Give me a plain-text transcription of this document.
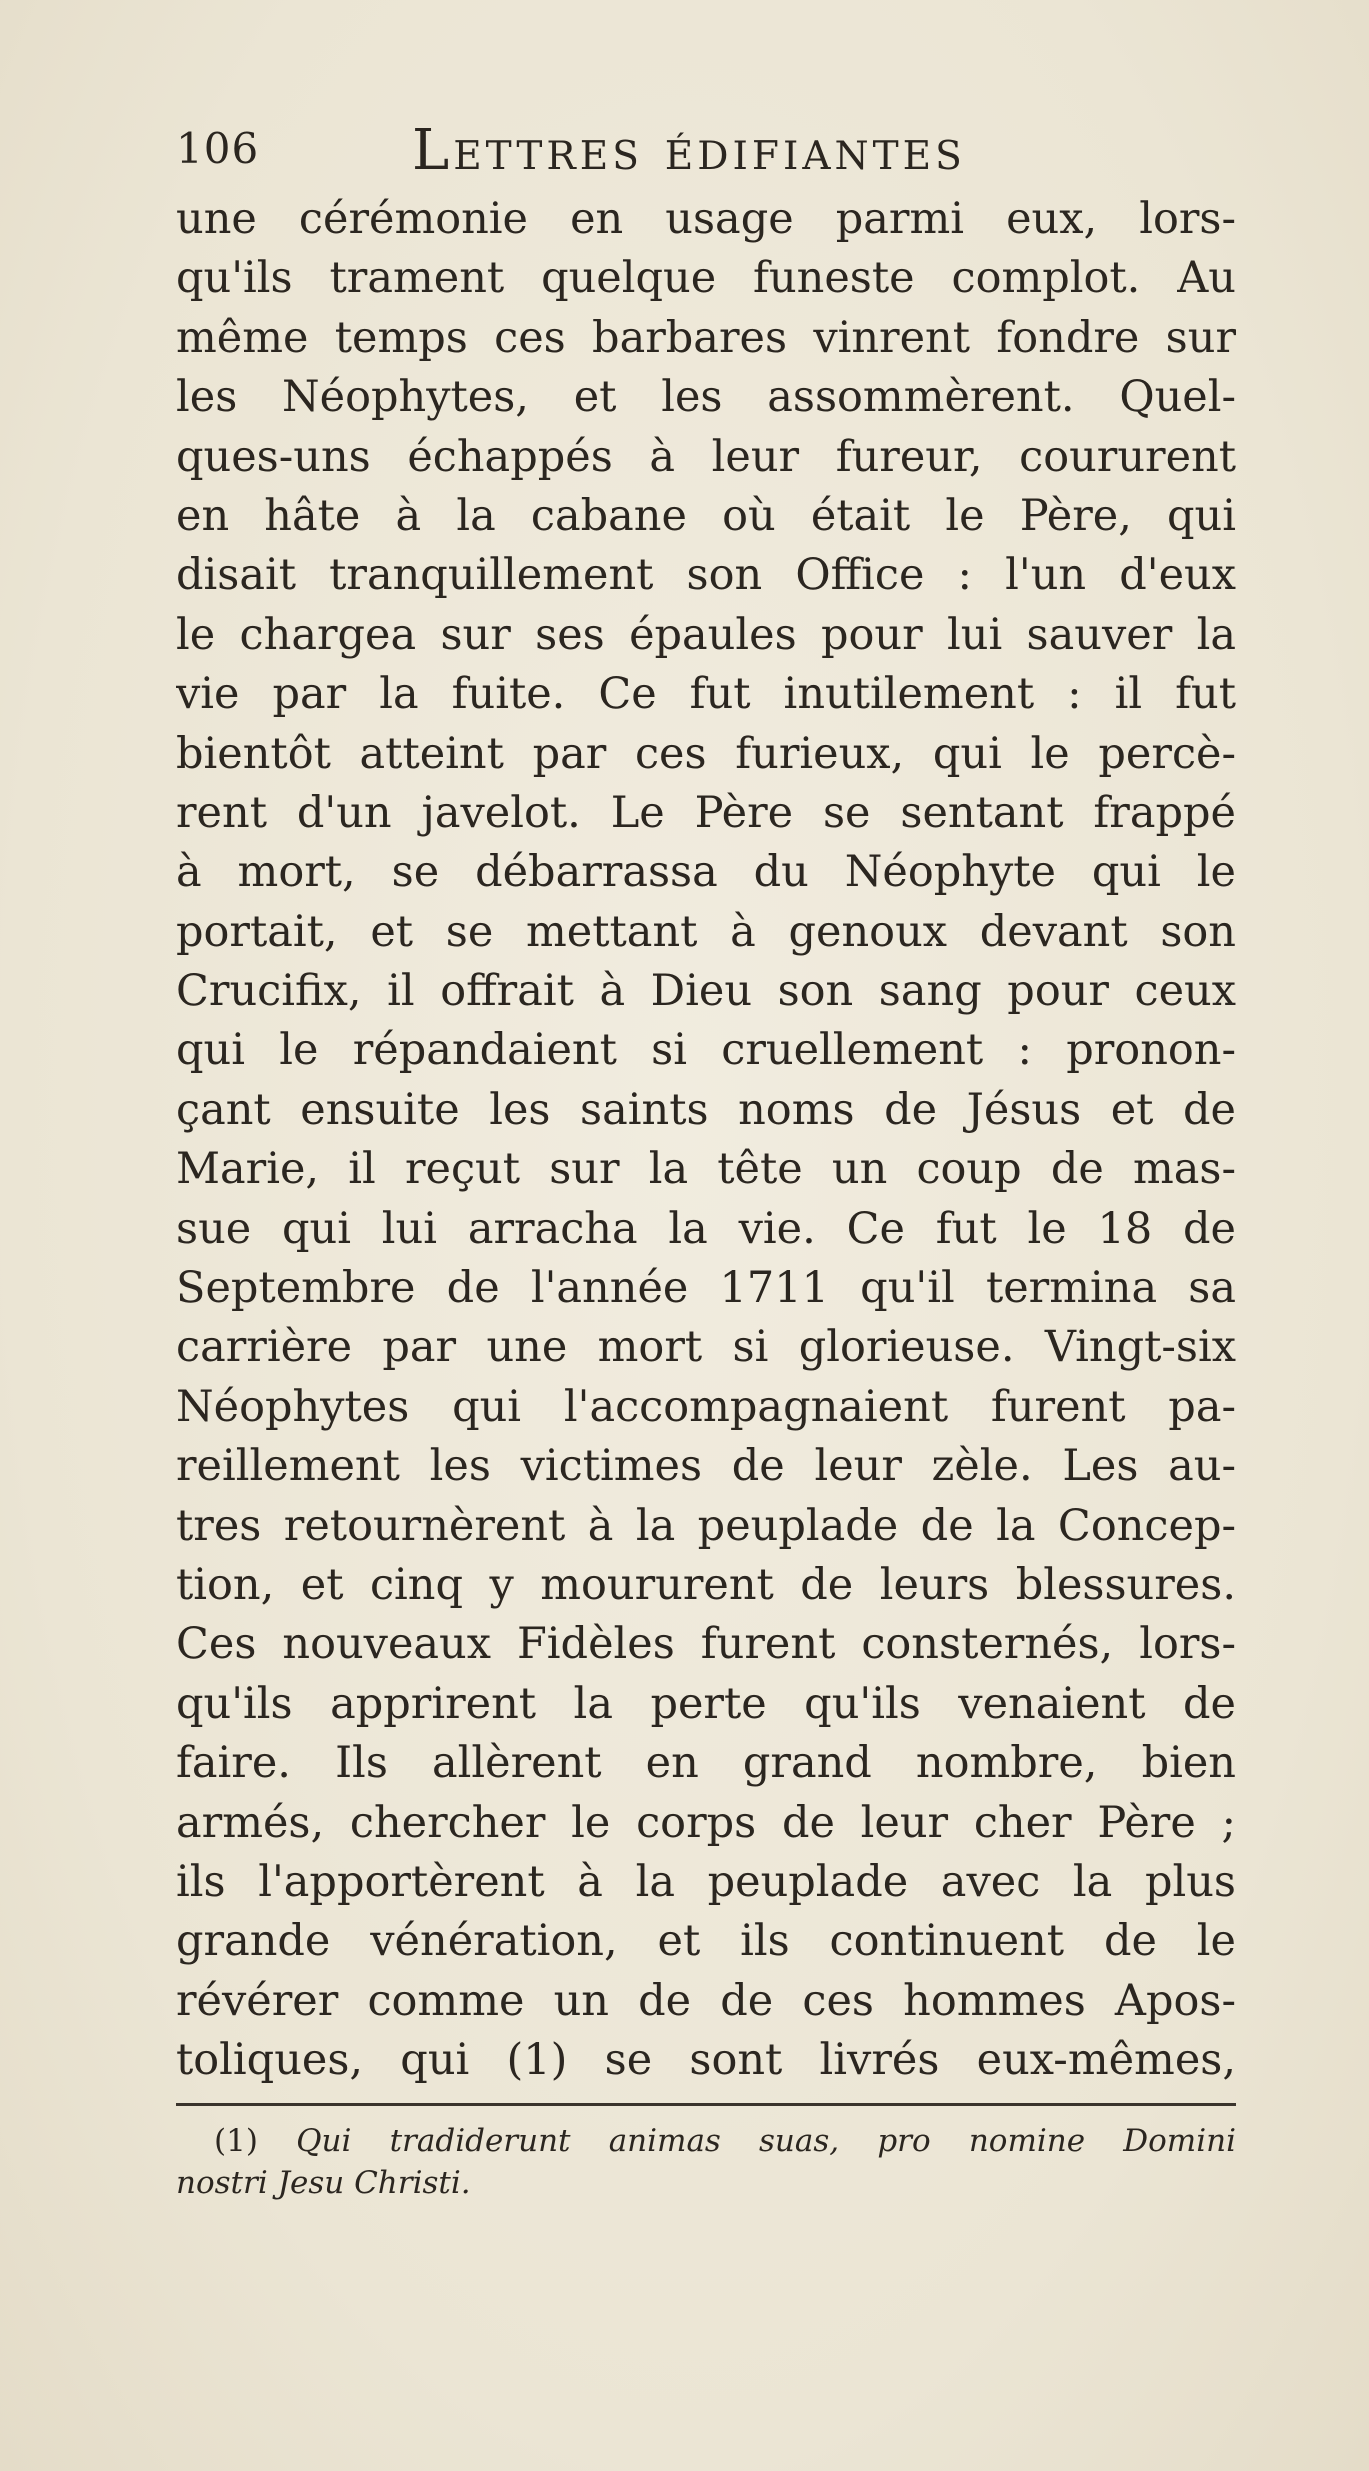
106	Lettres édifiantes
une cérémonie en usage parmi eux, lors-
qu'ils trament quelque funeste complot. Au
même temps ces barbares vinrent fondre sur
les Néophytes, et les assommèrent. Quel-
ques-uns échappés à leur fureur, coururent
en hâte à la cabane où était le Père, qui
disait tranquillement son Office : l'un d'eux
le chargea sur ses épaules pour lui sauver la
vie par la fuite. Ce fut inutilement : il fut
bientôt atteint par ces furieux, qui le percè-
rent d'un javelot. Le Père se sentant frappé
à mort, se débarrassa du Néophyte qui le
portait, et se mettant à genoux devant son
Crucifix, il offrait à Dieu son sang pour ceux
qui le répandaient si cruellement : pronon-
çant ensuite les saints noms de Jésus et de
Marie, il reçut sur la tête un coup de mas-
sue qui lui arracha la vie. Ce fut le 18 de
Septembre de l'année 1711 qu'il termina sa
carrière par une mort si glorieuse. Vingt-six
Néophytes qui l'accompagnaient furent pa-
reillement les victimes de leur zèle. Les au-
tres retournèrent à la peuplade de la Concep-
tion, et cinq y moururent de leurs blessures.
Ces nouveaux Fidèles furent consternés, lors-
qu'ils apprirent la perte qu'ils venaient de
faire. Ils allèrent en grand nombre, bien
armés, chercher le corps de leur cher Père ;
ils l'apportèrent à la peuplade avec la plus
grande vénération, et ils continuent de le
révérer comme un de de ces hommes Apos-
toliques, qui (1) se sont livrés eux-mêmes,
(1) Qui tradiderunt animas suas, pro nomine Domini
nostri Jesu Christi.
